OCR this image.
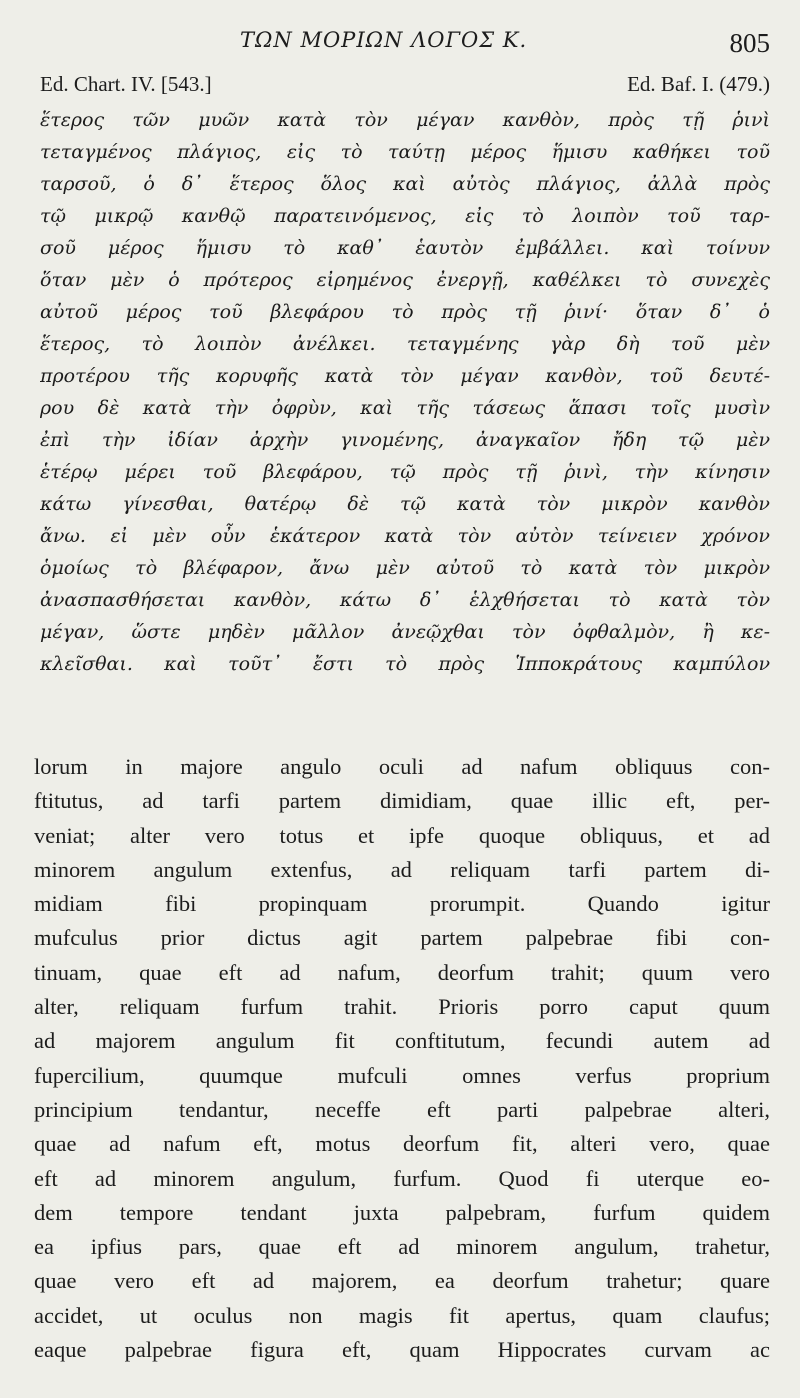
ΤΩΝ ΜΟΡΙΩΝ ΛΟΓΟΣ Κ.	805
Ed. Chart. IV. [543.]	Ed. Baf. I. (479.)
ἕτερος τῶν μυῶν κατὰ τὸν μέγαν κανθὸν, πρὸς τῇ ῥινὶ
τεταγμένος πλάγιος, εἰς τὸ ταύτῃ μέρος ἥμισυ καθήκει τοῦ
ταρσοῦ, ὁ δ᾽ ἕτερος ὅλος καὶ αὐτὸς πλάγιος, ἀλλὰ πρὸς
τῷ μικρῷ κανθῷ παρατεινόμενος, εἰς τὸ λοιπὸν τοῦ ταρ-
σοῦ μέρος ἥμισυ τὸ καθ᾽ ἑαυτὸν ἐμβάλλει. καὶ τοίνυν
ὅταν μὲν ὁ πρότερος εἰρημένος ἐνεργῇ, καθέλκει τὸ συνεχὲς
αὐτοῦ μέρος τοῦ βλεφάρου τὸ πρὸς τῇ ῥινί· ὅταν δ᾽ ὁ
ἕτερος, τὸ λοιπὸν ἀνέλκει. τεταγμένης γὰρ δὴ τοῦ μὲν
προτέρου τῆς κορυφῆς κατὰ τὸν μέγαν κανθὸν, τοῦ δευτέ-
ρου δὲ κατὰ τὴν ὀφρὺν, καὶ τῆς τάσεως ἅπασι τοῖς μυσὶν
ἐπὶ τὴν ἰδίαν ἀρχὴν γινομένης, ἀναγκαῖον ἤδη τῷ μὲν
ἑτέρῳ μέρει τοῦ βλεφάρου, τῷ πρὸς τῇ ῥινὶ, τὴν κίνησιν
κάτω γίνεσθαι, θατέρῳ δὲ τῷ κατὰ τὸν μικρὸν κανθὸν
ἄνω. εἰ μὲν οὖν ἑκάτερον κατὰ τὸν αὐτὸν τείνειεν χρόνον
ὁμοίως τὸ βλέφαρον, ἄνω μὲν αὐτοῦ τὸ κατὰ τὸν μικρὸν
ἀνασπασθήσεται κανθὸν, κάτω δ᾽ ἑλχθήσεται τὸ κατὰ τὸν
μέγαν, ὥστε μηδὲν μᾶλλον ἀνεῷχθαι τὸν ὀφθαλμὸν, ἢ κε-
κλεῖσθαι. καὶ τοῦτ᾽ ἔστι τὸ πρὸς Ἱπποκράτους καμπύλον
lorum in majore angulo oculi ad nafum obliquus con-
ftitutus, ad tarfi partem dimidiam, quae illic eft, per-
veniat; alter vero totus et ipfe quoque obliquus, et ad
minorem angulum extenfus, ad reliquam tarfi partem di-
midiam fibi propinquam prorumpit. Quando igitur
mufculus prior dictus agit partem palpebrae fibi con-
tinuam, quae eft ad nafum, deorfum trahit; quum vero
alter, reliquam furfum trahit. Prioris porro caput quum
ad majorem angulum fit conftitutum, fecundi autem ad
fupercilium, quumque mufculi omnes verfus proprium
principium tendantur, neceffe eft parti palpebrae alteri,
quae ad nafum eft, motus deorfum fit, alteri vero, quae
eft ad minorem angulum, furfum. Quod fi uterque eo-
dem tempore tendant juxta palpebram, furfum quidem
ea ipfius pars, quae eft ad minorem angulum, trahetur,
quae vero eft ad majorem, ea deorfum trahetur; quare
accidet, ut oculus non magis fit apertus, quam claufus;
eaque palpebrae figura eft, quam Hippocrates curvam ac
